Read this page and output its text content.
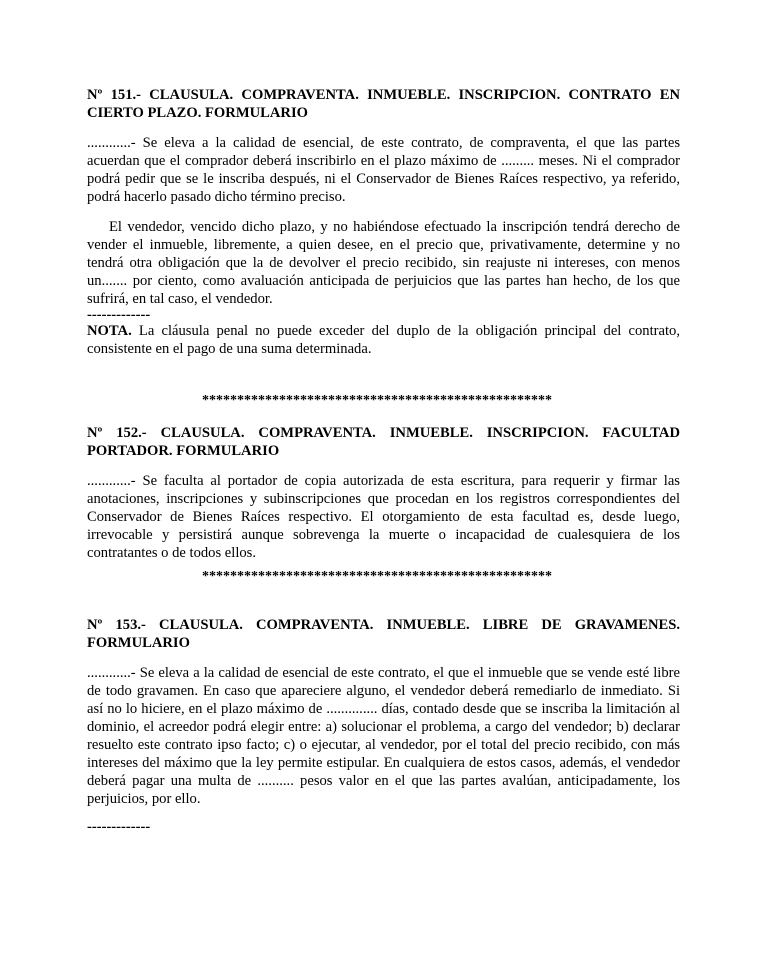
Nº 151.- CLAUSULA. COMPRAVENTA. INMUEBLE. INSCRIPCION. CONTRATO EN CIERTO PLAZO. FORMULARIO

............- Se eleva a la calidad de esencial, de este contrato, de compraventa, el que las partes acuerdan que el comprador deberá inscribirlo en el plazo máximo de ......... meses. Ni el comprador podrá pedir que se le inscriba después, ni el Conservador de Bienes Raíces respectivo, ya referido, podrá hacerlo pasado dicho término preciso.

El vendedor, vencido dicho plazo, y no habiéndose efectuado la inscripción tendrá derecho de vender el inmueble, libremente, a quien desee, en el precio que, privativamente, determine y no tendrá otra obligación que la de devolver el precio recibido, sin reajuste ni intereses, con menos un....... por ciento, como avaluación anticipada de perjuicios que las partes han hecho, de los que sufrirá, en tal caso, el vendedor.

-------------

NOTA. La cláusula penal no puede exceder del duplo de la obligación principal del contrato, consistente en el pago de una suma determinada.

**************************************************

Nº 152.- CLAUSULA. COMPRAVENTA. INMUEBLE. INSCRIPCION. FACULTAD PORTADOR. FORMULARIO

............- Se faculta al portador de copia autorizada de esta escritura, para requerir y firmar las anotaciones, inscripciones y subinscripciones que procedan en los registros correspondientes del Conservador de Bienes Raíces respectivo. El otorgamiento de esta facultad es, desde luego, irrevocable y persistirá aunque sobrevenga la muerte o incapacidad de cualesquiera de los contratantes o de todos ellos.

**************************************************

Nº 153.- CLAUSULA. COMPRAVENTA. INMUEBLE. LIBRE DE GRAVAMENES. FORMULARIO

............- Se eleva a la calidad de esencial de este contrato, el que el inmueble que se vende esté libre de todo gravamen. En caso que apareciere alguno, el vendedor deberá remediarlo de inmediato. Si así no lo hiciere, en el plazo máximo de .............. días, contado desde que se inscriba la limitación al dominio, el acreedor podrá elegir entre: a) solucionar el problema, a cargo del vendedor; b) declarar resuelto este contrato ipso facto; c) o ejecutar, al vendedor, por el total del precio recibido, con más intereses del máximo que la ley permite estipular. En cualquiera de estos casos, además, el vendedor deberá pagar una multa de .......... pesos valor en el que las partes avalúan, anticipadamente, los perjuicios, por ello.

-------------
